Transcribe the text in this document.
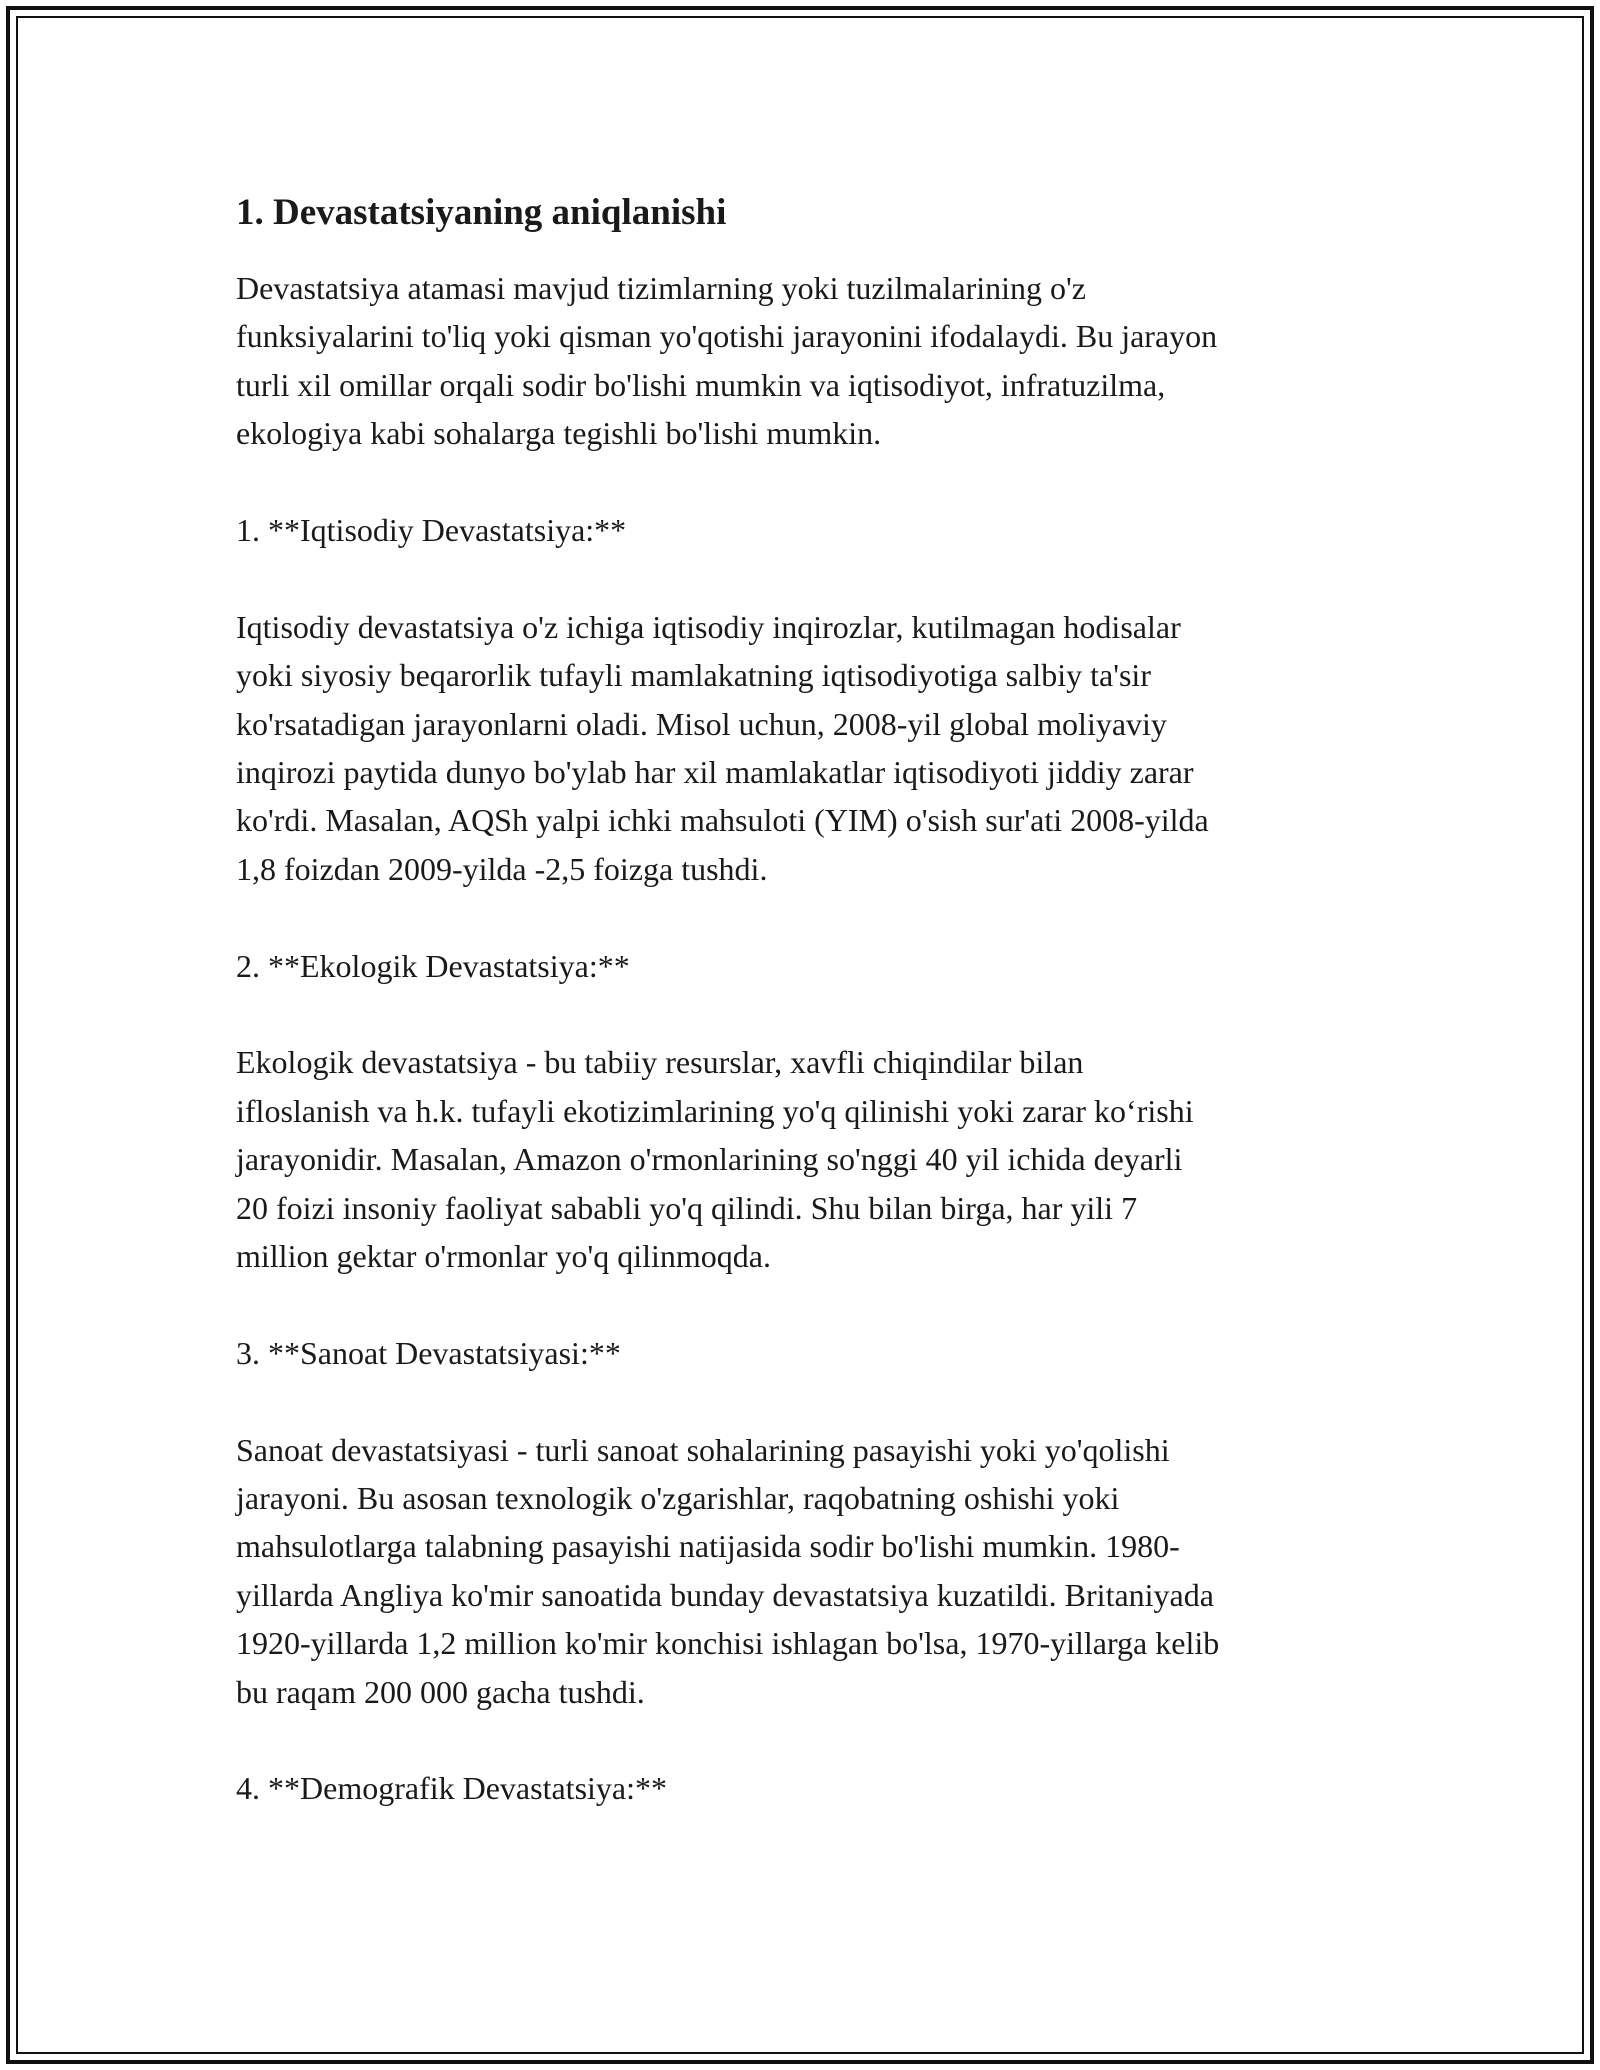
1. Devastatsiyaning aniqlanishi

Devastatsiya atamasi mavjud tizimlarning yoki tuzilmalarining o'z
funksiyalarini to'liq yoki qisman yo'qotishi jarayonini ifodalaydi. Bu jarayon
turli xil omillar orqali sodir bo'lishi mumkin va iqtisodiyot, infratuzilma,
ekologiya kabi sohalarga tegishli bo'lishi mumkin.

1. **Iqtisodiy Devastatsiya:**

Iqtisodiy devastatsiya o'z ichiga iqtisodiy inqirozlar, kutilmagan hodisalar
yoki siyosiy beqarorlik tufayli mamlakatning iqtisodiyotiga salbiy ta'sir
ko'rsatadigan jarayonlarni oladi. Misol uchun, 2008-yil global moliyaviy
inqirozi paytida dunyo bo'ylab har xil mamlakatlar iqtisodiyoti jiddiy zarar
ko'rdi. Masalan, AQSh yalpi ichki mahsuloti (YIM) o'sish sur'ati 2008-yilda
1,8 foizdan 2009-yilda -2,5 foizga tushdi.

2. **Ekologik Devastatsiya:**

Ekologik devastatsiya - bu tabiiy resurslar, xavfli chiqindilar bilan
ifloslanish va h.k. tufayli ekotizimlarining yo'q qilinishi yoki zarar koʻrishi
jarayonidir. Masalan, Amazon o'rmonlarining so'nggi 40 yil ichida deyarli
20 foizi insoniy faoliyat sababli yo'q qilindi. Shu bilan birga, har yili 7
million gektar o'rmonlar yo'q qilinmoqda.

3. **Sanoat Devastatsiyasi:**

Sanoat devastatsiyasi - turli sanoat sohalarining pasayishi yoki yo'qolishi
jarayoni. Bu asosan texnologik o'zgarishlar, raqobatning oshishi yoki
mahsulotlarga talabning pasayishi natijasida sodir bo'lishi mumkin. 1980-
yillarda Angliya ko'mir sanoatida bunday devastatsiya kuzatildi. Britaniyada
1920-yillarda 1,2 million ko'mir konchisi ishlagan bo'lsa, 1970-yillarga kelib
bu raqam 200 000 gacha tushdi.

4. **Demografik Devastatsiya:**
